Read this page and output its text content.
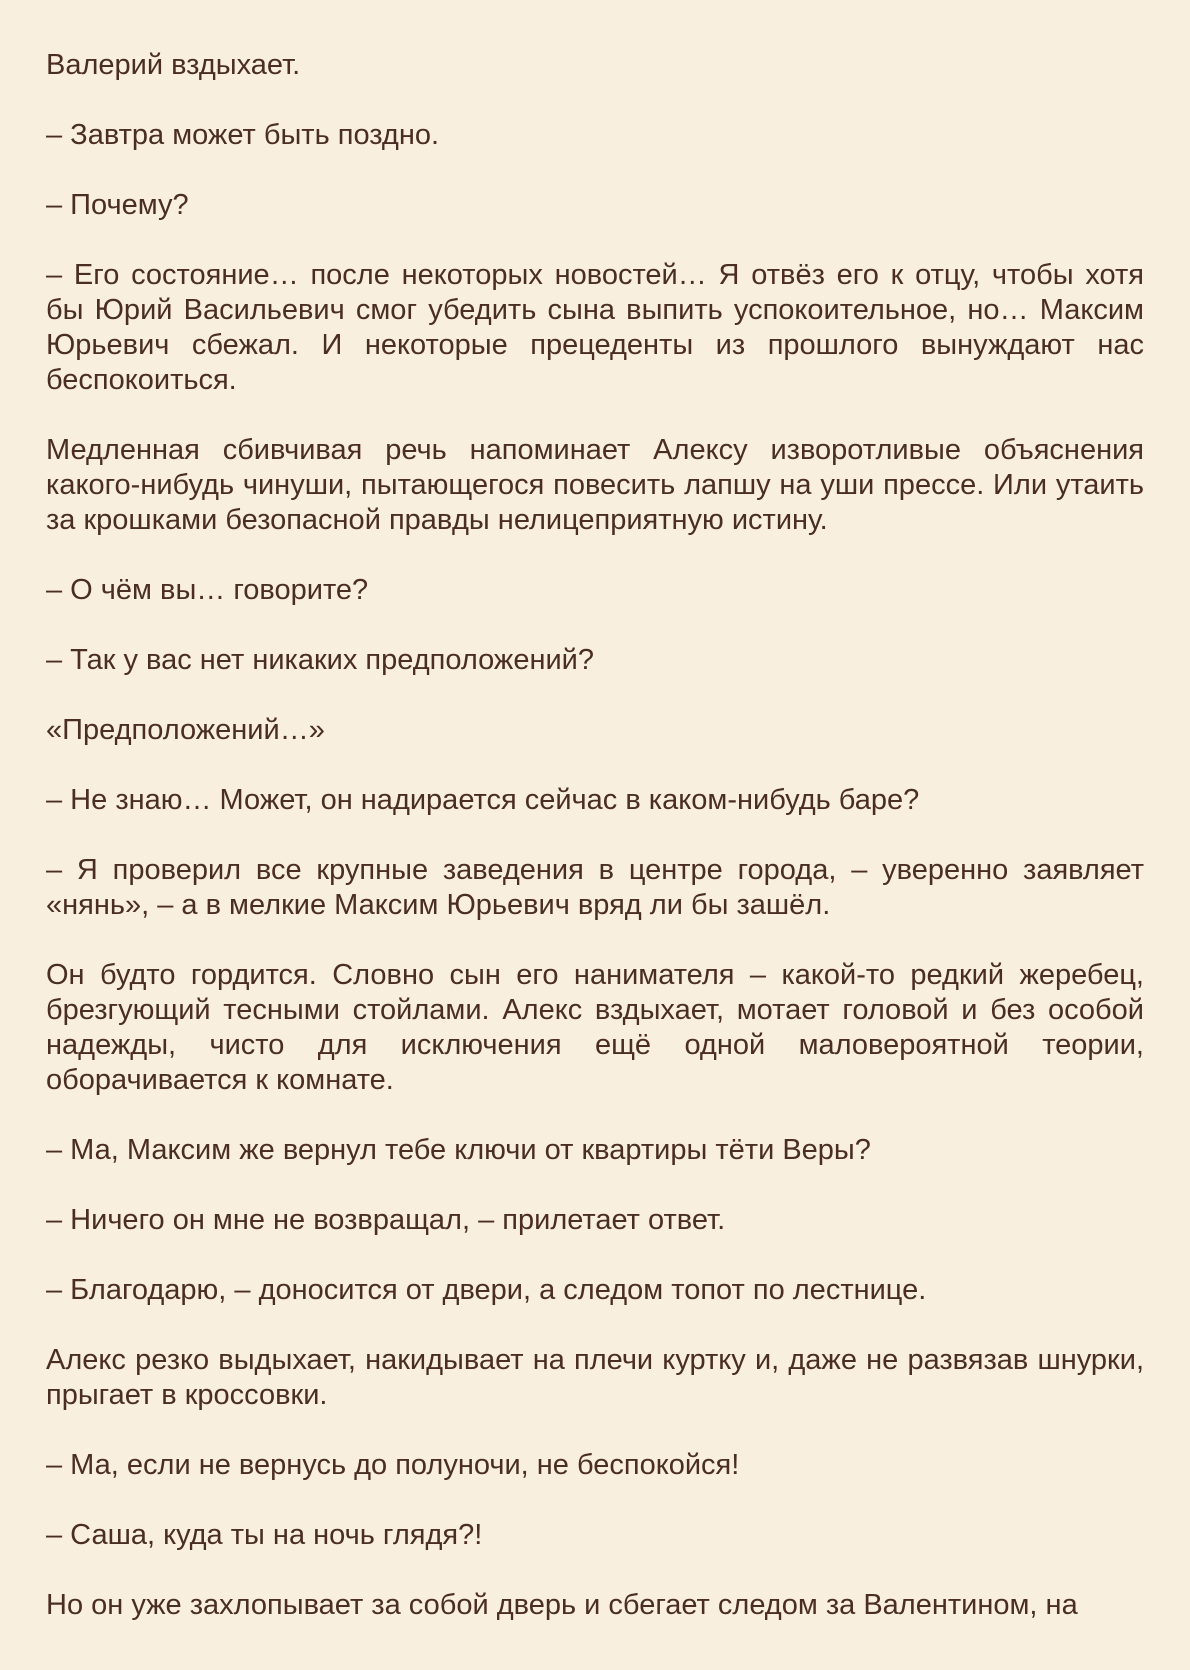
Валерий вздыхает.

– Завтра может быть поздно.

– Почему?

– Его состояние… после некоторых новостей… Я отвёз его к отцу, чтобы хотя бы Юрий Васильевич смог убедить сына выпить успокоительное, но… Максим Юрьевич сбежал. И некоторые прецеденты из прошлого вынуждают нас беспокоиться.

Медленная сбивчивая речь напоминает Алексу изворотливые объяснения какого-нибудь чинуши, пытающегося повесить лапшу на уши прессе. Или утаить за крошками безопасной правды нелицеприятную истину.

– О чём вы… говорите?

– Так у вас нет никаких предположений?

«Предположений…»

– Не знаю… Может, он надирается сейчас в каком-нибудь баре?

– Я проверил все крупные заведения в центре города, – уверенно заявляет «нянь», – а в мелкие Максим Юрьевич вряд ли бы зашёл.

Он будто гордится. Словно сын его нанимателя – какой-то редкий жеребец, брезгующий тесными стойлами. Алекс вздыхает, мотает головой и без особой надежды, чисто для исключения ещё одной маловероятной теории, оборачивается к комнате.

– Ма, Максим же вернул тебе ключи от квартиры тёти Веры?

– Ничего он мне не возвращал, – прилетает ответ.

– Благодарю, – доносится от двери, а следом топот по лестнице.

Алекс резко выдыхает, накидывает на плечи куртку и, даже не развязав шнурки, прыгает в кроссовки.

– Ма, если не вернусь до полуночи, не беспокойся!

– Саша, куда ты на ночь глядя?!

Но он уже захлопывает за собой дверь и сбегает следом за Валентином, на
